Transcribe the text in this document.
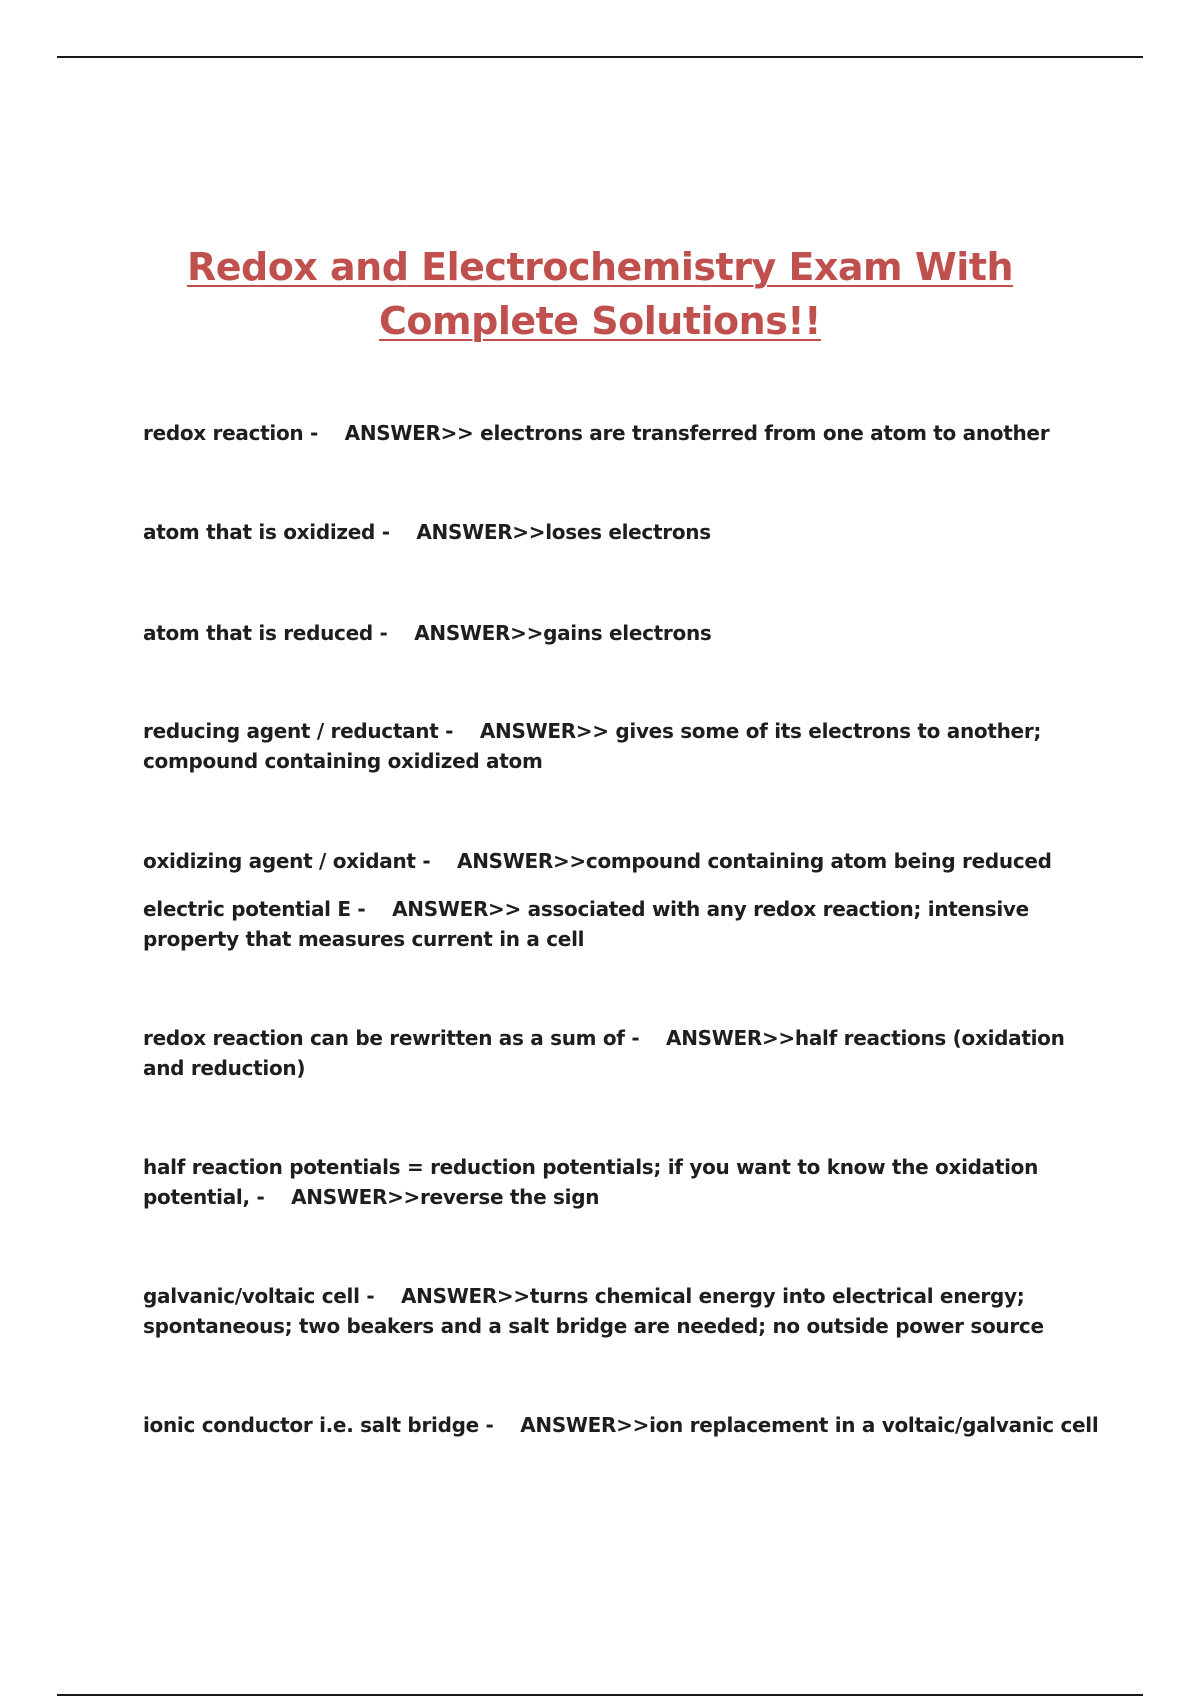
Redox and Electrochemistry Exam With
Complete Solutions!!
redox reaction -    ANSWER>> electrons are transferred from one atom to another
atom that is oxidized -    ANSWER>>loses electrons
atom that is reduced -    ANSWER>>gains electrons
reducing agent / reductant -    ANSWER>> gives some of its electrons to another; compound containing oxidized atom
oxidizing agent / oxidant -    ANSWER>>compound containing atom being reduced
electric potential E -    ANSWER>> associated with any redox reaction; intensive property that measures current in a cell
redox reaction can be rewritten as a sum of -    ANSWER>>half reactions (oxidation and reduction)
half reaction potentials = reduction potentials; if you want to know the oxidation potential, -    ANSWER>>reverse the sign
galvanic/voltaic cell -    ANSWER>>turns chemical energy into electrical energy; spontaneous; two beakers and a salt bridge are needed; no outside power source
ionic conductor i.e. salt bridge -    ANSWER>>ion replacement in a voltaic/galvanic cell
